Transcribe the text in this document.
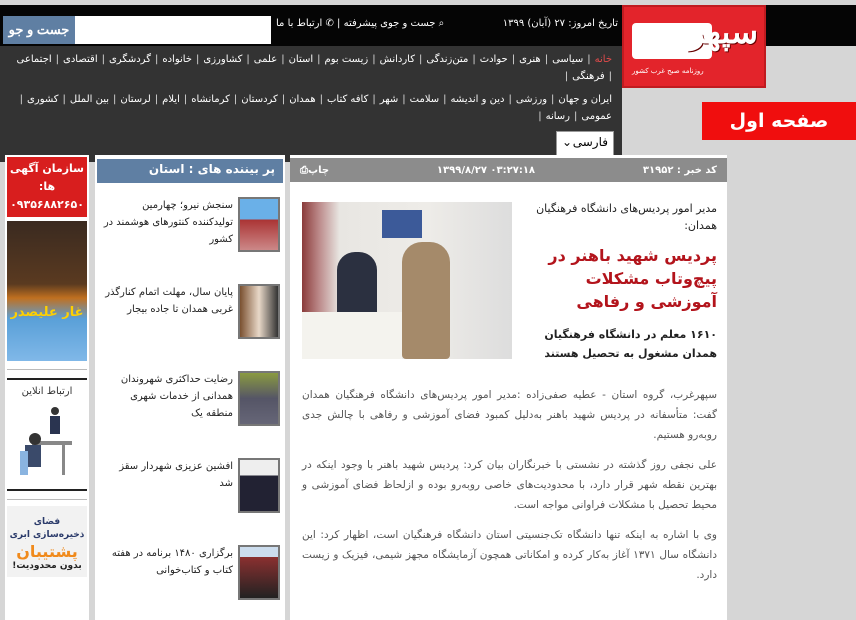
تاریخ امروز: ۲۷ (آبان) ۱۳۹۹
⌕ جست و جوی پیشرفته | ✆ ارتباط با ما
جست و جو
خانه
|
سیاسی
|
هنری
|
حوادث
|
متن‌زندگی
|
کاردانش
|
زیست بوم
|
استان
|
علمی
|
کشاورزی
|
خانواده
|
گردشگری
|
اقتصادی
|
اجتماعی
|
فرهنگی
|
ایران و جهان
|
ورزشی
|
دین و اندیشه
|
سلامت
|
شهر
|
کافه کتاب
|
همدان
|
کردستان
|
کرمانشاه
|
ایلام
|
لرستان
|
بین الملل
|
کشوری
|
عمومی
|
رسانه
|
فارسی
⌄
سپهر
روزنامه صبح غرب کشور
صفحه اول
کد خبر : ۳۱۹۵۲
۱۳۹۹/۸/۲۷ ۰۳:۲۷:۱۸
چاپ⎙
مدیر امور پردیس‌های دانشگاه فرهنگیان همدان:
پردیس شهید باهنر در پیچ‌وتاب مشکلات آموزشی و رفاهی
۱۶۱۰ معلم در دانشگاه فرهنگیان همدان مشغول به تحصیل هستند

سپهرغرب، گروه استان - عطیه صفی‌زاده :مدیر امور پردیس‌های دانشگاه فرهنگیان همدان گفت: متأسفانه در پردیس شهید باهنر به‌دلیل کمبود فضای آموزشی و رفاهی با چالش جدی روبه‌رو هستیم.

علی نجفی روز گذشته در نشستی با خبرنگاران بیان کرد: پردیس شهید باهنر با وجود اینکه در بهترین نقطه شهر قرار دارد، با محدودیت‌های خاصی روبه‌رو بوده و ازلحاظ فضای آموزشی و محیط تحصیل با مشکلات فراوانی مواجه است.

وی با اشاره به اینکه تنها دانشگاه تک‌جنسیتی استان دانشگاه فرهنگیان است، اظهار کرد: این دانشگاه سال ۱۳۷۱ آغاز به‌کار کرده و امکاناتی همچون آزمایشگاه مجهز شیمی، فیزیک و زیست دارد.

پر بیننده های : استان
سنجش نیرو؛ چهارمین تولیدکننده کنتورهای هوشمند در کشور
پایان سال، مهلت اتمام کنارگذر غربی همدان تا جاده بیجار
رضایت حداکثری شهروندان همدانی از خدمات شهری منطقه یک
افشین عزیزی شهردار سقز شد
برگزاری ۱۴۸۰ برنامه در هفته کتاب و کتاب‌خوانی
سازمان آگهی ها:
۰۹۳۵۶۸۸۲۶۵۰
غار علیصدر
ارتباط انلاین
فضای ذخیره‌سازی ابری
پشتیبان
بدون محدودیت!
